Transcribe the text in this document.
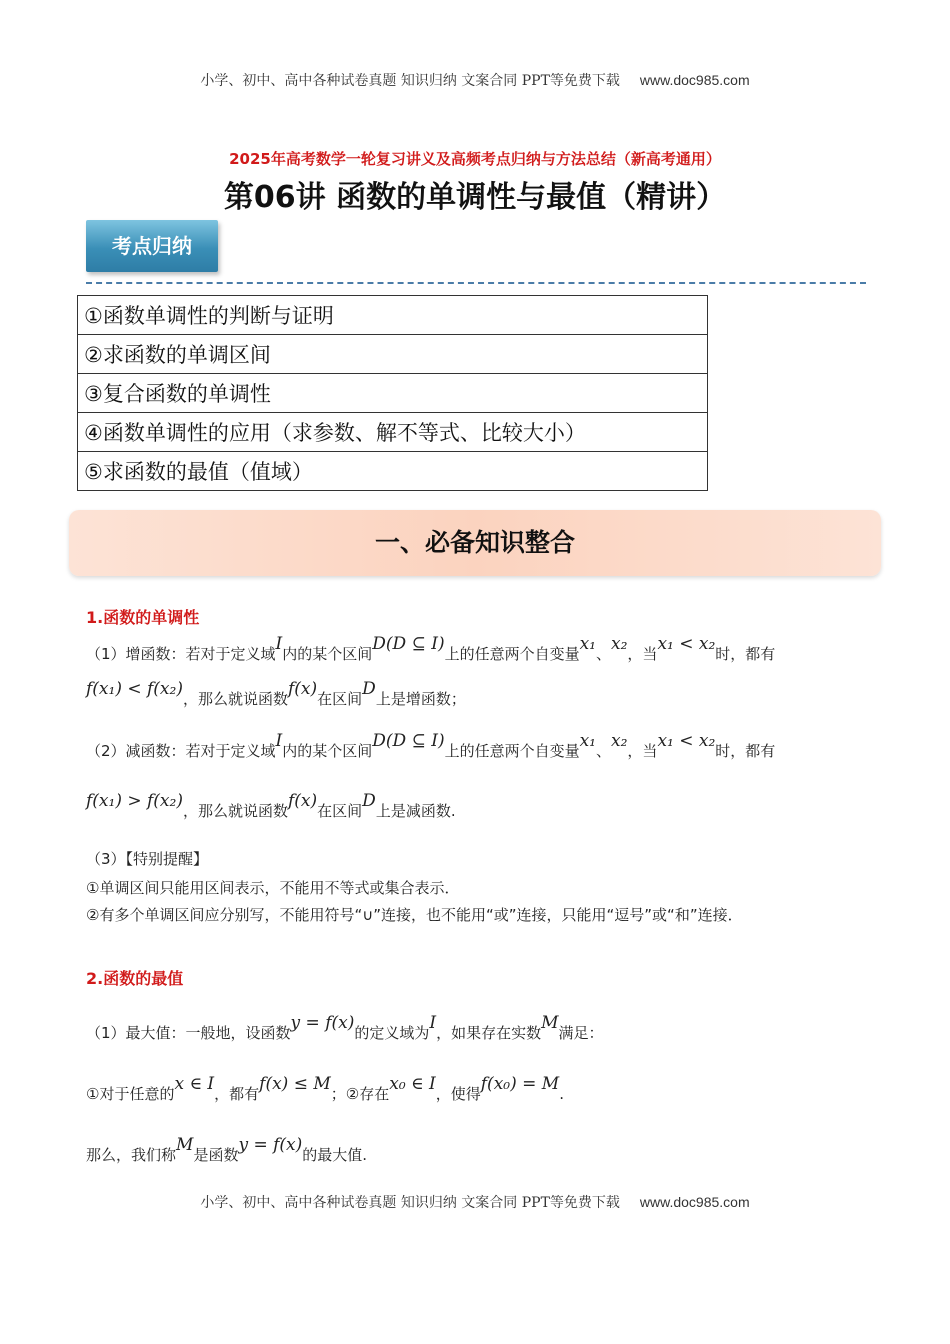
小学、初中、高中各种试卷真题 知识归纳 文案合同 PPT等免费下载 www.doc985.com
2025年高考数学一轮复习讲义及高频考点归纳与方法总结（新高考通用）
第06讲 函数的单调性与最值（精讲）
考点归纳
①函数单调性的判断与证明
②求函数的单调区间
③复合函数的单调性
④函数单调性的应用（求参数、解不等式、比较大小）
⑤求函数的最值（值域）
一、必备知识整合
1.函数的单调性
（1）增函数：若对于定义域I内的某个区间D(D ⊆ I)上的任意两个自变量x₁、x₂，当x₁ < x₂时，都有
f(x₁) < f(x₂)，那么就说函数f(x)在区间D上是增函数；
（2）减函数：若对于定义域I内的某个区间D(D ⊆ I)上的任意两个自变量x₁、x₂，当x₁ < x₂时，都有
f(x₁) > f(x₂)，那么就说函数f(x)在区间D上是减函数.
（3）【特别提醒】
①单调区间只能用区间表示，不能用不等式或集合表示．
②有多个单调区间应分别写，不能用符号“∪”连接，也不能用“或”连接，只能用“逗号”或“和”连接．
2.函数的最值
（1）最大值：一般地，设函数y = f(x)的定义域为I，如果存在实数M满足：
①对于任意的x ∈ I，都有f(x) ≤ M；②存在x₀ ∈ I，使得f(x₀) = M.
那么，我们称M是函数y = f(x)的最大值.
小学、初中、高中各种试卷真题 知识归纳 文案合同 PPT等免费下载 www.doc985.com
